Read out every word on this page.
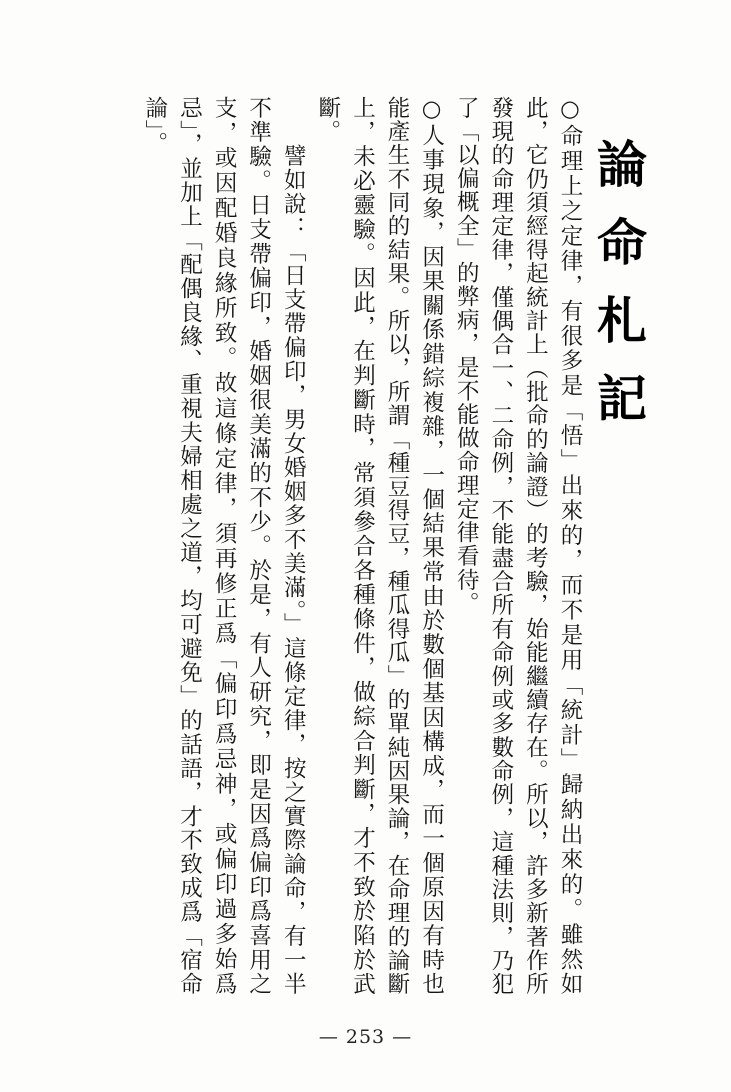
論命札記

○命理上之定律，有很多是「悟」出來的，而不是用「統計」歸納出來的。雖然如此，它仍須經得起統計上（批命的論證）的考驗，始能繼續存在。所以，許多新著作所發現的命理定律，僅偶合一、二命例，不能盡合所有命例或多數命例，這種法則，乃犯了「以偏概全」的弊病，是不能做命理定律看待。

○人事現象，因果關係錯綜複雜，一個結果常由於數個基因構成，而一個原因有時也能產生不同的結果。所以，所謂「種豆得豆，種瓜得瓜」的單純因果論，在命理的論斷上，未必靈驗。因此，在判斷時，常須參合各種條件，做綜合判斷，才不致於陷於武斷。

　　譬如說：「日支帶偏印，男女婚姻多不美滿。」這條定律，按之實際論命，有一半不準驗。日支帶偏印，婚姻很美滿的不少。於是，有人研究，即是因爲偏印爲喜用之支，或因配婚良緣所致。故這條定律，須再修正爲「偏印爲忌神，或偏印過多始爲忌」，並加上「配偶良緣、重視夫婦相處之道，均可避免」的話語，才不致成爲「宿命論」。

— 253 —
